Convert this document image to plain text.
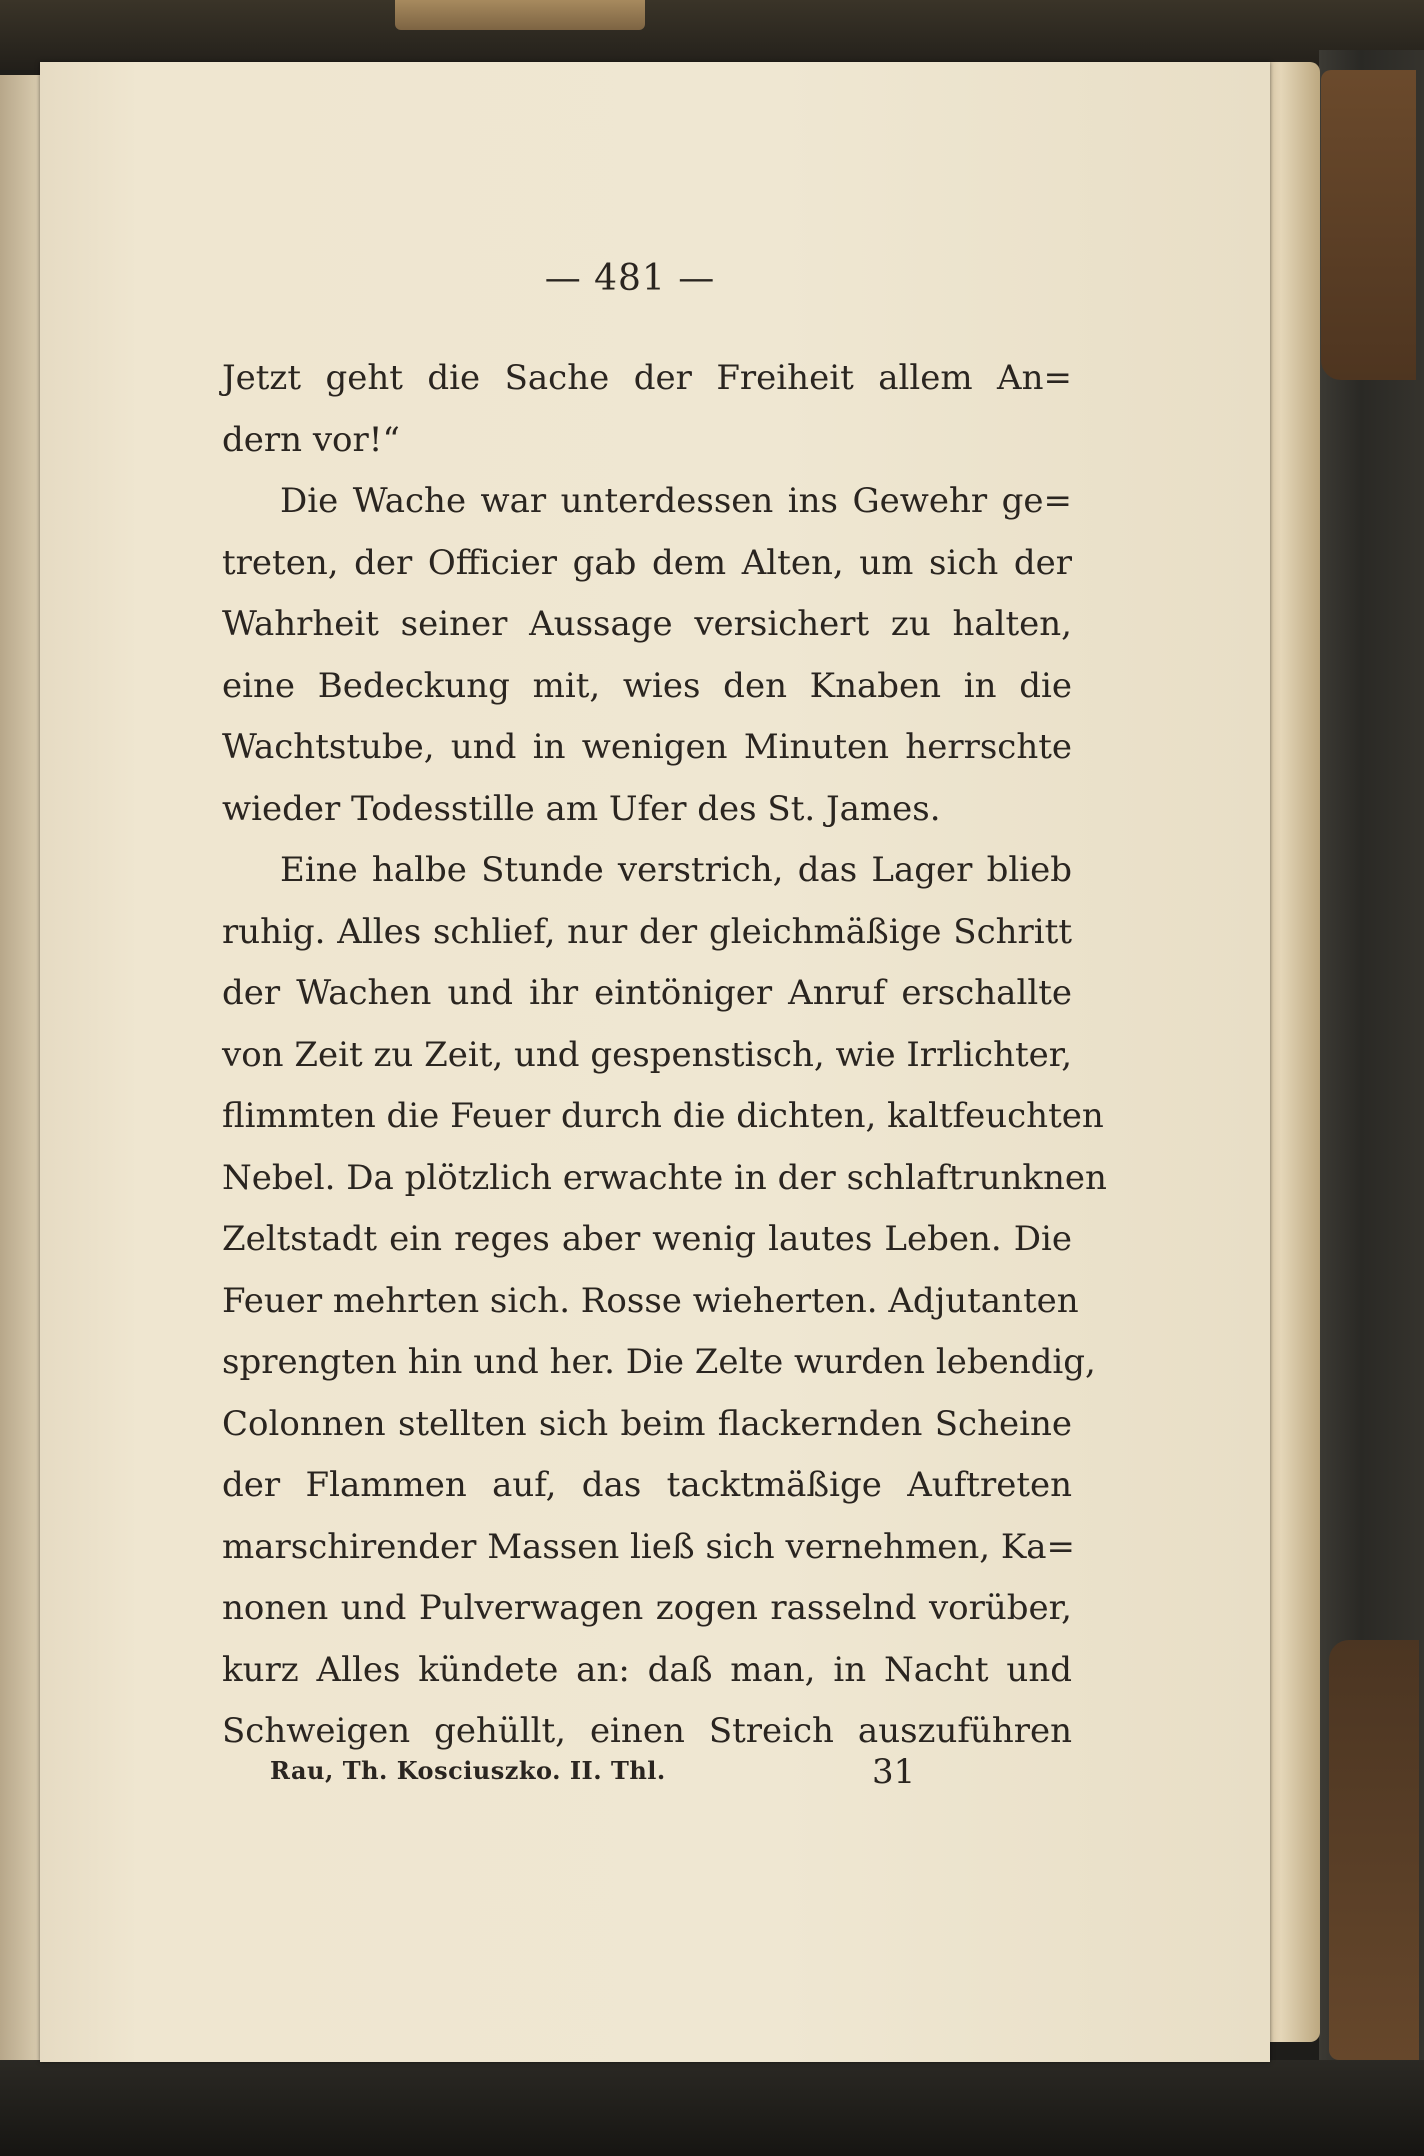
— 481 —
Jetzt geht die Sache der Freiheit allem An=
dern vor!“
Die Wache war unterdessen ins Gewehr ge=
treten, der Officier gab dem Alten, um sich der
Wahrheit seiner Aussage versichert zu halten,
eine Bedeckung mit, wies den Knaben in die
Wachtstube, und in wenigen Minuten herrschte
wieder Todesstille am Ufer des St. James.
Eine halbe Stunde verstrich, das Lager blieb
ruhig. Alles schlief, nur der gleichmäßige Schritt
der Wachen und ihr eintöniger Anruf erschallte
von Zeit zu Zeit, und gespenstisch, wie Irrlichter,
flimmten die Feuer durch die dichten, kaltfeuchten
Nebel. Da plötzlich erwachte in der schlaftrunknen
Zeltstadt ein reges aber wenig lautes Leben. Die
Feuer mehrten sich. Rosse wieherten. Adjutanten
sprengten hin und her. Die Zelte wurden lebendig,
Colonnen stellten sich beim flackernden Scheine
der Flammen auf, das tacktmäßige Auftreten
marschirender Massen ließ sich vernehmen, Ka=
nonen und Pulverwagen zogen rasselnd vorüber,
kurz Alles kündete an: daß man, in Nacht und
Schweigen gehüllt, einen Streich auszuführen
Rau, Th. Kosciuszko. II. Thl.	31
